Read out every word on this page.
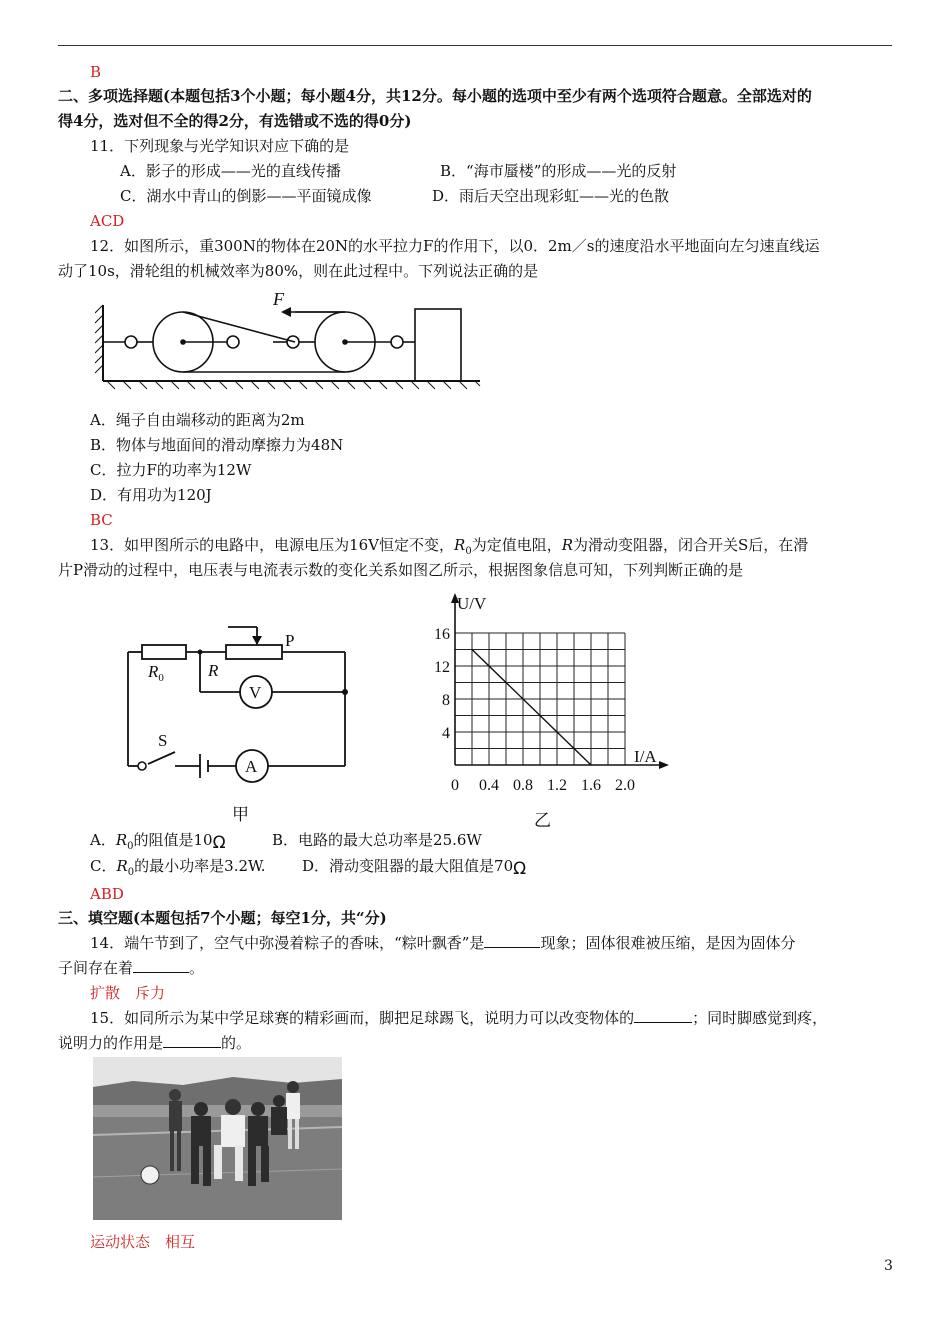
B
二、多项选择题(本题包括3个小题；每小题4分，共12分。每小题的选项中至少有两个选项符合题意。全部选对的
得4分，选对但不全的得2分，有选错或不选的得0分)
11．下列现象与光学知识对应下确的是
A．影子的形成——光的直线传播	B．“海市蜃楼”的形成——光的反射
C．湖水中青山的倒影——平面镜成像	D．雨后天空出现彩虹——光的色散
ACD
12．如图所示，重300N的物体在20N的水平拉力F的作用下，以0．2m／s的速度沿水平地面向左匀速直线运
动了10s，滑轮组的机械效率为80%，则在此过程中。下列说法正确的是
F
A．绳子自由端移动的距离为2m
B．物体与地面间的滑动摩擦力为48N
C．拉力F的功率为12W
D．有用功为120J
BC
13．如甲图所示的电路中，电源电压为16V恒定不变，$R_0$为定值电阻，R为滑动变阻器，闭合开关S后，在滑
片P滑动的过程中，电压表与电流表示数的变化关系如图乙所示，根据图象信息可知，下列判断正确的是
$R_0$	R
P
V
A
S
甲
0 0.4 0.8 1.2 1.6 2.0
4
8
12
16
U/V
I/A
乙
A．$R_0$的阻值是10Ω	B．电路的最大总功率是25.6W
C．$R_0$的最小功率是3.2W. D．滑动变阻器的最大阻值是70Ω
ABD
三、填空题(本题包括7个小题；每空1分，共“分)
14．端午节到了，空气中弥漫着粽子的香味，“粽叶飘香”是	现象；固体很难被压缩，是因为固体分
子间存在着	。
扩散　斥力
15．如同所示为某中学足球赛的精彩画而，脚把足球踢飞，说明力可以改变物体的	；同时脚感觉到疼，
说明力的作用是	的。
运动状态　相互
3
